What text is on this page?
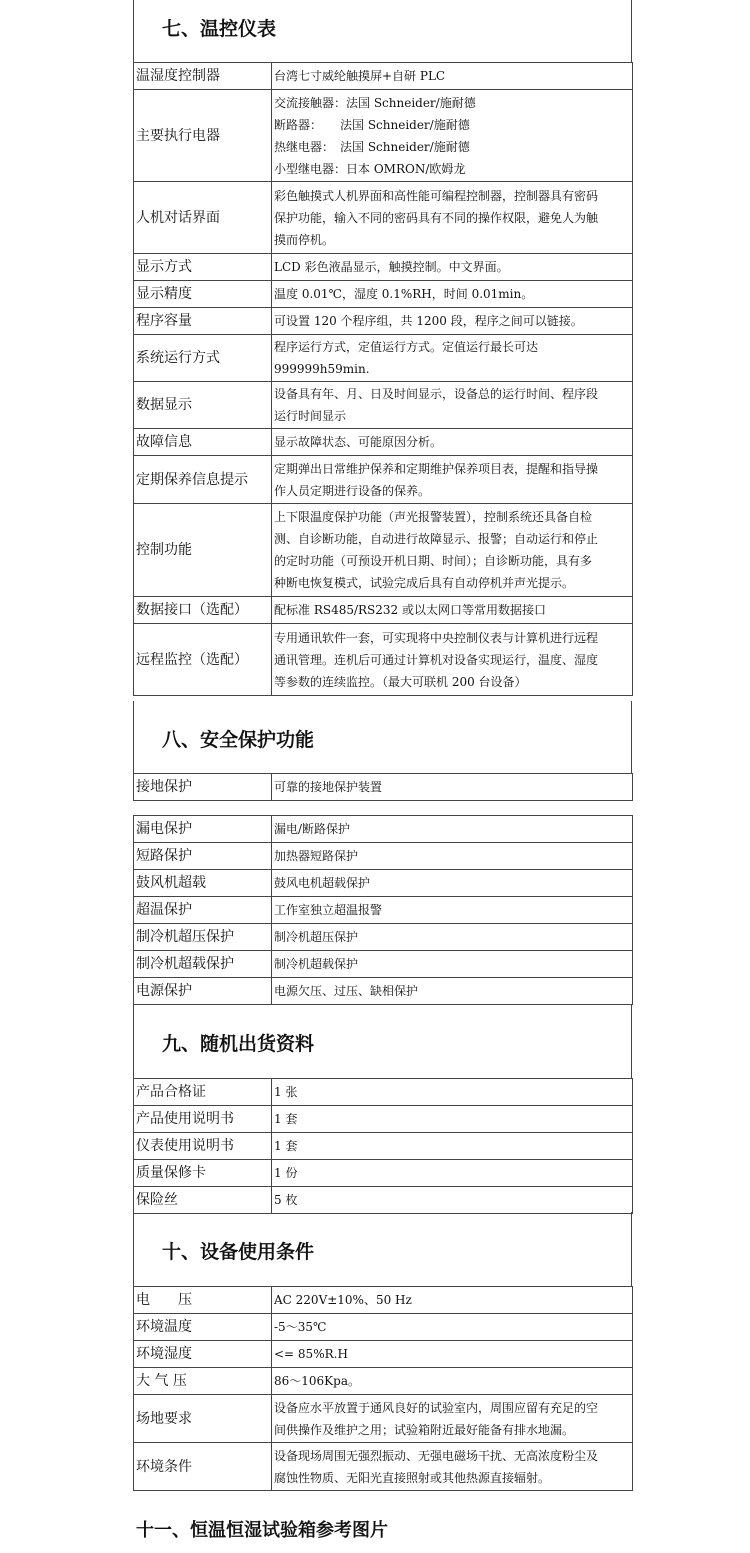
七、温控仪表
温湿度控制器	台湾七寸威纶触摸屏+自研 PLC

主要执行电器	交流接触器：法国 Schneider/施耐德
断路器：　　法国 Schneider/施耐德
热继电器：　法国 Schneider/施耐德
小型继电器：日本 OMRON/欧姆龙

人机对话界面	彩色触摸式人机界面和高性能可编程控制器，控制器具有密码
保护功能，输入不同的密码具有不同的操作权限，避免人为触
摸而停机。

显示方式	LCD 彩色液晶显示，触摸控制。中文界面。

显示精度	温度 0.01℃，湿度 0.1%RH，时间 0.01min。

程序容量	可设置 120 个程序组，共 1200 段，程序之间可以链接。

系统运行方式	程序运行方式，定值运行方式。定值运行最长可达
999999h59min.

数据显示	设备具有年、月、日及时间显示，设备总的运行时间、程序段
运行时间显示

故障信息	显示故障状态、可能原因分析。

定期保养信息提示	定期弹出日常维护保养和定期维护保养项目表，提醒和指导操
作人员定期进行设备的保养。

控制功能	上下限温度保护功能（声光报警装置），控制系统还具备自检
测、自诊断功能，自动进行故障显示、报警；自动运行和停止
的定时功能（可预设开机日期、时间）；自诊断功能，具有多
种断电恢复模式，试验完成后具有自动停机并声光提示。

数据接口（选配）	配标准 RS485/RS232 或以太网口等常用数据接口

远程监控（选配）	专用通讯软件一套，可实现将中央控制仪表与计算机进行远程
通讯管理。连机后可通过计算机对设备实现运行，温度、湿度
等参数的连续监控。（最大可联机 200 台设备）
八、安全保护功能
接地保护	可靠的接地保护装置
漏电保护	漏电/断路保护

短路保护	加热器短路保护

鼓风机超载	鼓风电机超载保护

超温保护	工作室独立超温报警

制冷机超压保护	制冷机超压保护

制冷机超载保护	制冷机超载保护

电源保护	电源欠压、过压、缺相保护
九、随机出货资料
产品合格证	1 张

产品使用说明书	1 套

仪表使用说明书	1 套

质量保修卡	1 份

保险丝	5 枚
十、设备使用条件
电　　压	AC 220V±10%、50 Hz

环境温度	-5～35℃

环境湿度	<= 85%R.H

大 气 压	86～106Kpa。

场地要求	设备应水平放置于通风良好的试验室内，周围应留有充足的空
间供操作及维护之用；试验箱附近最好能备有排水地漏。

环境条件	设备现场周围无强烈振动、无强电磁场干扰、无高浓度粉尘及
腐蚀性物质、无阳光直接照射或其他热源直接辐射。
十一、恒温恒湿试验箱参考图片
